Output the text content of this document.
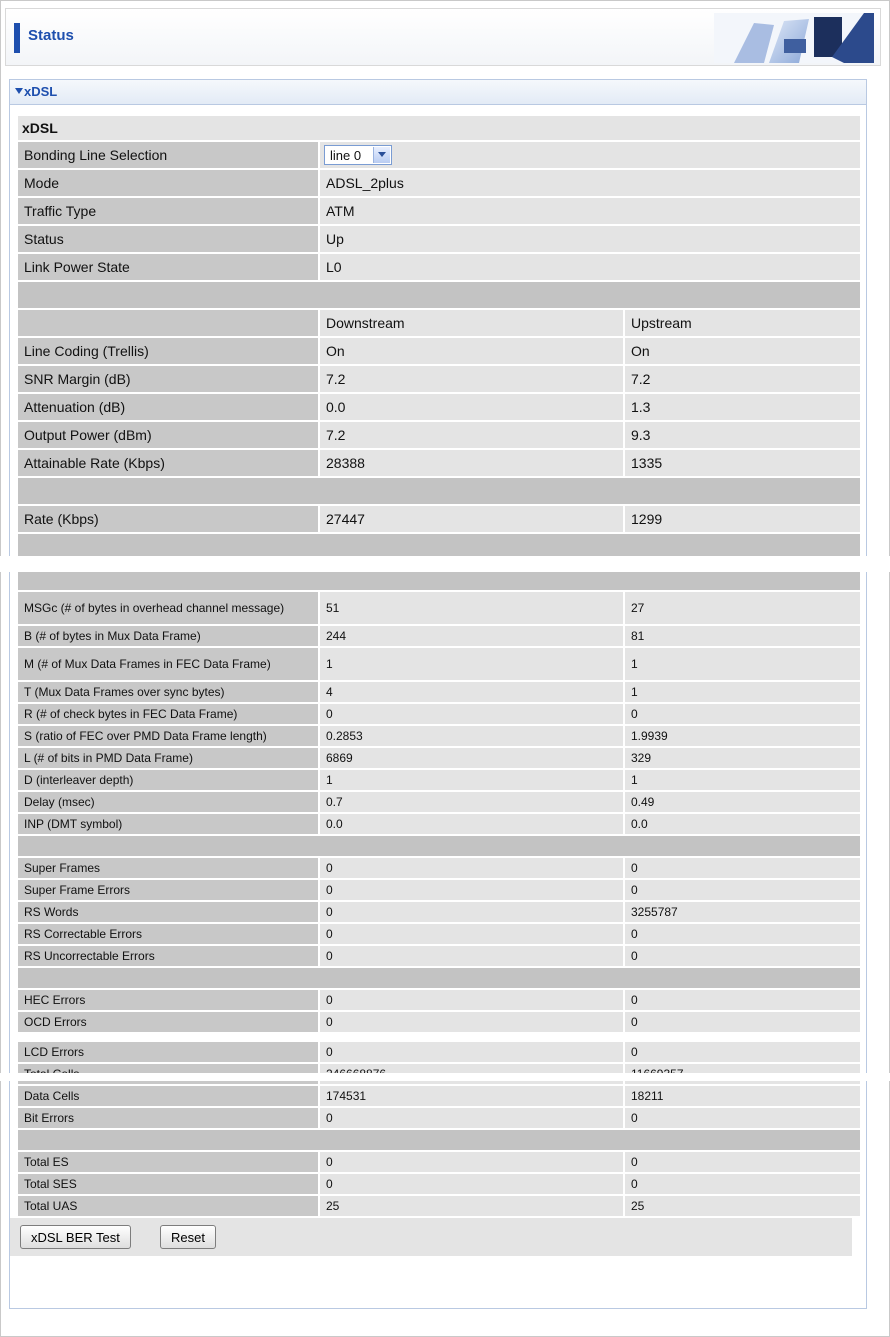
Status
xDSL
xDSL
Bonding Line Selection	line 0
Mode	ADSL_2plus
Traffic Type	ATM
Status	Up
Link Power State	L0
Downstream	Upstream
Line Coding (Trellis)	On	On
SNR Margin (dB)	7.2	7.2
Attenuation (dB)	0.0	1.3
Output Power (dBm)	7.2	9.3
Attainable Rate (Kbps)	28388	1335
Rate (Kbps)	27447	1299
MSGc (# of bytes in overhead channel message)	51	27
B (# of bytes in Mux Data Frame)	244	81
M (# of Mux Data Frames in FEC Data Frame)	1	1
T (Mux Data Frames over sync bytes)	4	1
R (# of check bytes in FEC Data Frame)	0	0
S (ratio of FEC over PMD Data Frame length)	0.2853	1.9939
L (# of bits in PMD Data Frame)	6869	329
D (interleaver depth)	1	1
Delay (msec)	0.7	0.49
INP (DMT symbol)	0.0	0.0
Super Frames	0	0
Super Frame Errors	0	0
RS Words	0	3255787
RS Correctable Errors	0	0
RS Uncorrectable Errors	0	0
HEC Errors	0	0
OCD Errors	0	0
LCD Errors	0	0
Data Cells	174531	18211
Bit Errors	0	0
Total ES	0	0
Total SES	0	0
Total UAS	25	25
xDSL BER Test	Reset
